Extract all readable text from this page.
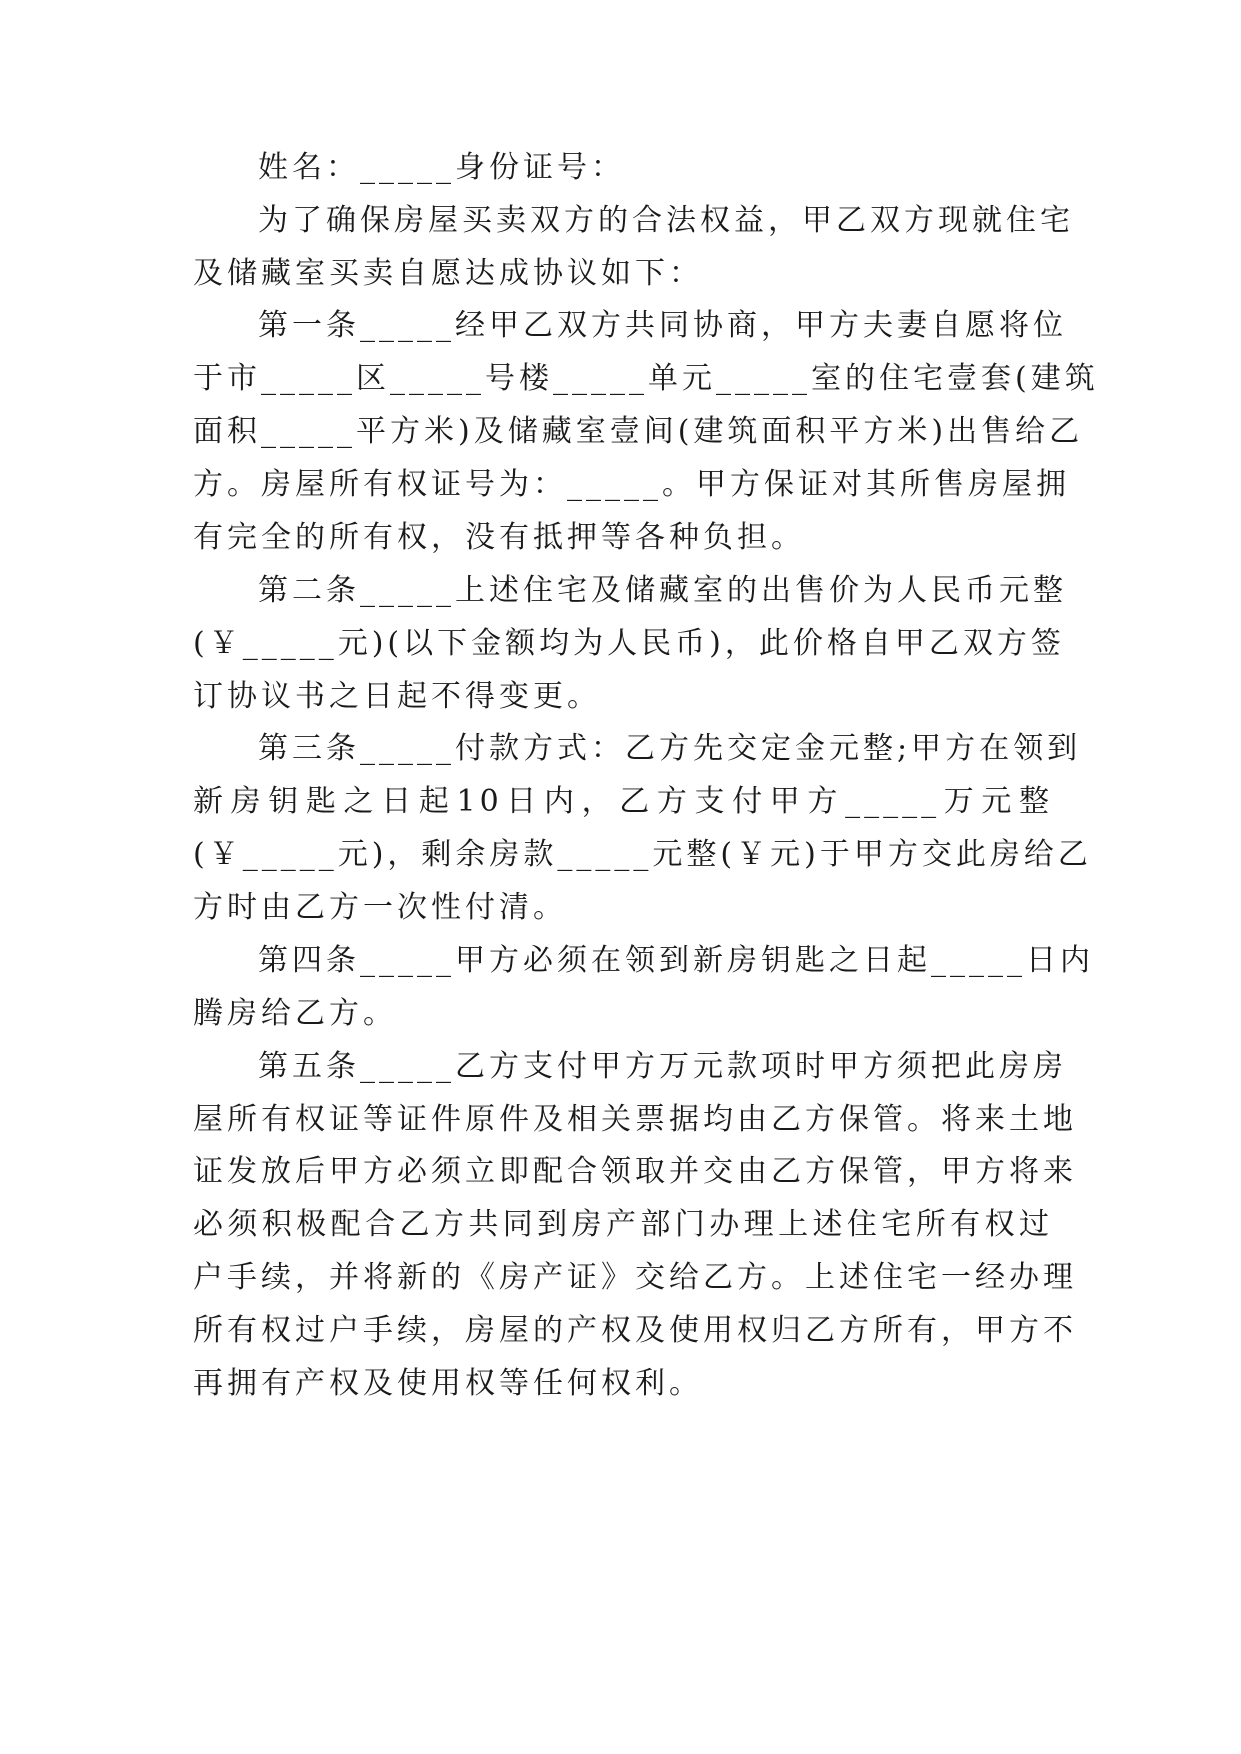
姓名：_____身份证号：
为了确保房屋买卖双方的合法权益，甲乙双方现就住宅
及储藏室买卖自愿达成协议如下：
第一条_____经甲乙双方共同协商，甲方夫妻自愿将位
于市_____区_____号楼_____单元_____室的住宅壹套(建筑
面积_____平方米)及储藏室壹间(建筑面积平方米)出售给乙
方。房屋所有权证号为：_____。甲方保证对其所售房屋拥
有完全的所有权，没有抵押等各种负担。
第二条_____上述住宅及储藏室的出售价为人民币元整
(￥_____元)(以下金额均为人民币)，此价格自甲乙双方签
订协议书之日起不得变更。
第三条_____付款方式：乙方先交定金元整;甲方在领到
新房钥匙之日起10日内，乙方支付甲方_____万元整
(￥_____元)，剩余房款_____元整(￥元)于甲方交此房给乙
方时由乙方一次性付清。
第四条_____甲方必须在领到新房钥匙之日起_____日内
腾房给乙方。
第五条_____乙方支付甲方万元款项时甲方须把此房房
屋所有权证等证件原件及相关票据均由乙方保管。将来土地
证发放后甲方必须立即配合领取并交由乙方保管，甲方将来
必须积极配合乙方共同到房产部门办理上述住宅所有权过
户手续，并将新的《房产证》交给乙方。上述住宅一经办理
所有权过户手续，房屋的产权及使用权归乙方所有，甲方不
再拥有产权及使用权等任何权利。
